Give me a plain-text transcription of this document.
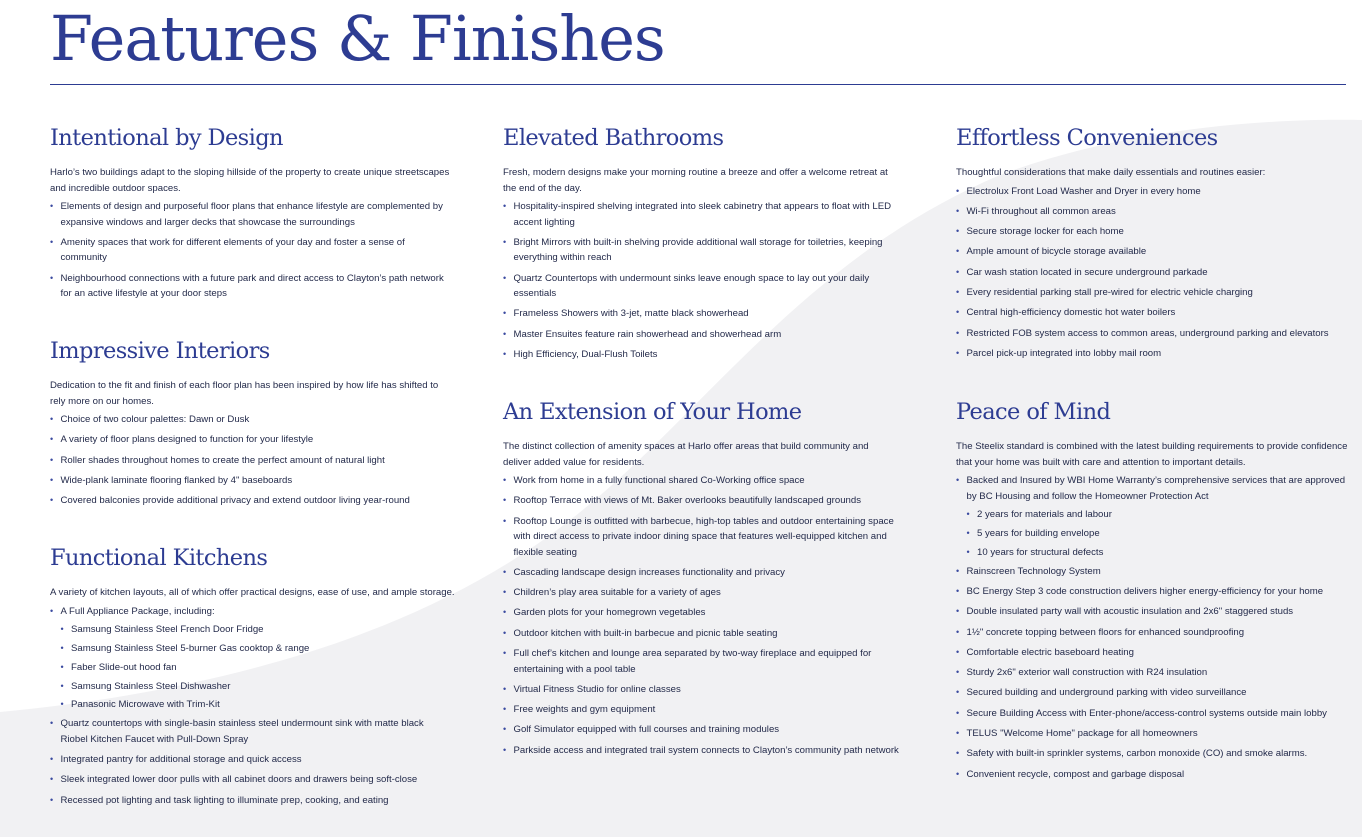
Features & Finishes
Intentional by Design

Harlo’s two buildings adapt to the sloping hillside of the property to create unique streetscapes and incredible outdoor spaces.

• Elements of design and purposeful floor plans that enhance lifestyle are complemented by expansive windows and larger decks that showcase the surroundings
• Amenity spaces that work for different elements of your day and foster a sense of community
• Neighbourhood connections with a future park and direct access to Clayton’s path network for an active lifestyle at your door steps
Impressive Interiors

Dedication to the fit and finish of each floor plan has been inspired by how life has shifted to rely more on our homes.

• Choice of two colour palettes: Dawn or Dusk
• A variety of floor plans designed to function for your lifestyle
• Roller shades throughout homes to create the perfect amount of natural light
• Wide-plank laminate flooring flanked by 4" baseboards
• Covered balconies provide additional privacy and extend outdoor living year-round
Functional Kitchens

A variety of kitchen layouts, all of which offer practical designs, ease of use, and ample storage.

• A Full Appliance Package, including:
• Samsung Stainless Steel French Door Fridge
• Samsung Stainless Steel 5-burner Gas cooktop & range
• Faber Slide-out hood fan
• Samsung Stainless Steel Dishwasher
• Panasonic Microwave with Trim-Kit
• Quartz countertops with single-basin stainless steel undermount sink with matte black Riobel Kitchen Faucet with Pull-Down Spray
• Integrated pantry for additional storage and quick access
• Sleek integrated lower door pulls with all cabinet doors and drawers being soft-close
• Recessed pot lighting and task lighting to illuminate prep, cooking, and eating
Elevated Bathrooms

Fresh, modern designs make your morning routine a breeze and offer a welcome retreat at the end of the day.

• Hospitality-inspired shelving integrated into sleek cabinetry that appears to float with LED accent lighting
• Bright Mirrors with built-in shelving provide additional wall storage for toiletries, keeping everything within reach
• Quartz Countertops with undermount sinks leave enough space to lay out your daily essentials
• Frameless Showers with 3-jet, matte black showerhead
• Master Ensuites feature rain showerhead and showerhead arm
• High Efficiency, Dual-Flush Toilets
An Extension of Your Home

The distinct collection of amenity spaces at Harlo offer areas that build community and deliver added value for residents.

• Work from home in a fully functional shared Co-Working office space
• Rooftop Terrace with views of Mt. Baker overlooks beautifully landscaped grounds
• Rooftop Lounge is outfitted with barbecue, high-top tables and outdoor entertaining space with direct access to private indoor dining space that features well-equipped kitchen and flexible seating
• Cascading landscape design increases functionality and privacy
• Children’s play area suitable for a variety of ages
• Garden plots for your homegrown vegetables
• Outdoor kitchen with built-in barbecue and picnic table seating
• Full chef’s kitchen and lounge area separated by two-way fireplace and equipped for entertaining with a pool table
• Virtual Fitness Studio for online classes
• Free weights and gym equipment
• Golf Simulator equipped with full courses and training modules
• Parkside access and integrated trail system connects to Clayton’s community path network
Effortless Conveniences

Thoughtful considerations that make daily essentials and routines easier:

• Electrolux Front Load Washer and Dryer in every home
• Wi-Fi throughout all common areas
• Secure storage locker for each home
• Ample amount of bicycle storage available
• Car wash station located in secure underground parkade
• Every residential parking stall pre-wired for electric vehicle charging
• Central high-efficiency domestic hot water boilers
• Restricted FOB system access to common areas, underground parking and elevators
• Parcel pick-up integrated into lobby mail room
Peace of Mind

The Steelix standard is combined with the latest building requirements to provide confidence that your home was built with care and attention to important details.

• Backed and Insured by WBI Home Warranty’s comprehensive services that are approved by BC Housing and follow the Homeowner Protection Act
• 2 years for materials and labour
• 5 years for building envelope
• 10 years for structural defects
• Rainscreen Technology System
• BC Energy Step 3 code construction delivers higher energy-efficiency for your home
• Double insulated party wall with acoustic insulation and 2x6" staggered studs
• 1½" concrete topping between floors for enhanced soundproofing
• Comfortable electric baseboard heating
• Sturdy 2x6" exterior wall construction with R24 insulation
• Secured building and underground parking with video surveillance
• Secure Building Access with Enter-phone/access-control systems outside main lobby
• TELUS "Welcome Home" package for all homeowners
• Safety with built-in sprinkler systems, carbon monoxide (CO) and smoke alarms.
• Convenient recycle, compost and garbage disposal
